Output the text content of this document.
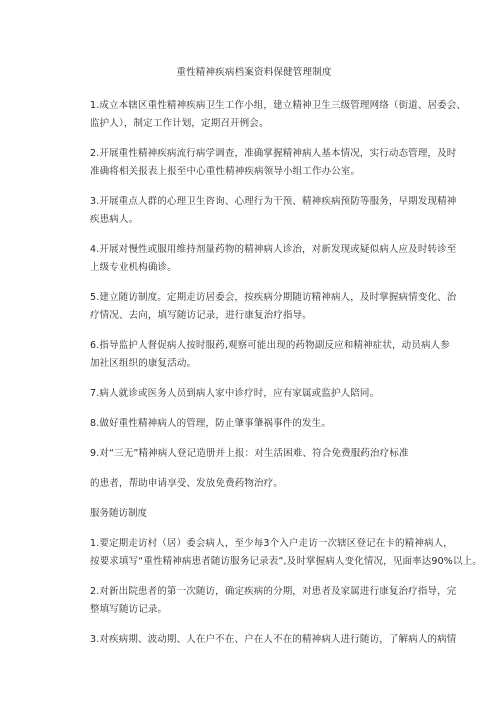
重性精神疾病档案资料保健管理制度
1.成立本辖区重性精神疾病卫生工作小组，建立精神卫生三级管理网络（街道、居委会、
监护人），制定工作计划，定期召开例会。
2.开展重性精神疾病流行病学调查，准确掌握精神病人基本情况，实行动态管理，及时
准确将相关报表上报至中心重性精神疾病领导小组工作办公室。
3.开展重点人群的心理卫生咨询、心理行为干预、精神疾病预防等服务，早期发现精神
疾患病人。
4.开展对慢性或服用维持剂量药物的精神病人诊治，对新发现或疑似病人应及时转诊至
上级专业机构确诊。
5.建立随访制度。定期走访居委会，按疾病分期随访精神病人，及时掌握病情变化、治
疗情况、去向，填写随访记录，进行康复治疗指导。
6.指导监护人督促病人按时服药,观察可能出现的药物副反应和精神症状，动员病人参
加社区组织的康复活动。
7.病人就诊或医务人员到病人家中诊疗时，应有家属或监护人陪同。
8.做好重性精神病人的管理，防止肇事肇祸事件的发生。
9.对“三无”精神病人登记造册并上报：对生活困难、符合免费服药治疗标准
的患者，帮助申请享受、发放免费药物治疗。
服务随访制度
1.要定期走访村（居）委会病人，至少每3个入户走访一次辖区登记在卡的精神病人，
按要求填写“重性精神病患者随访服务记录表”,及时掌握病人变化情况，见面率达90%以上。
2.对新出院患者的第一次随访，确定疾病的分期，对患者及家属进行康复治疗指导，完
整填写随访记录。
3.对疾病期、波动期、人在户不在、户在人不在的精神病人进行随访，了解病人的病情
